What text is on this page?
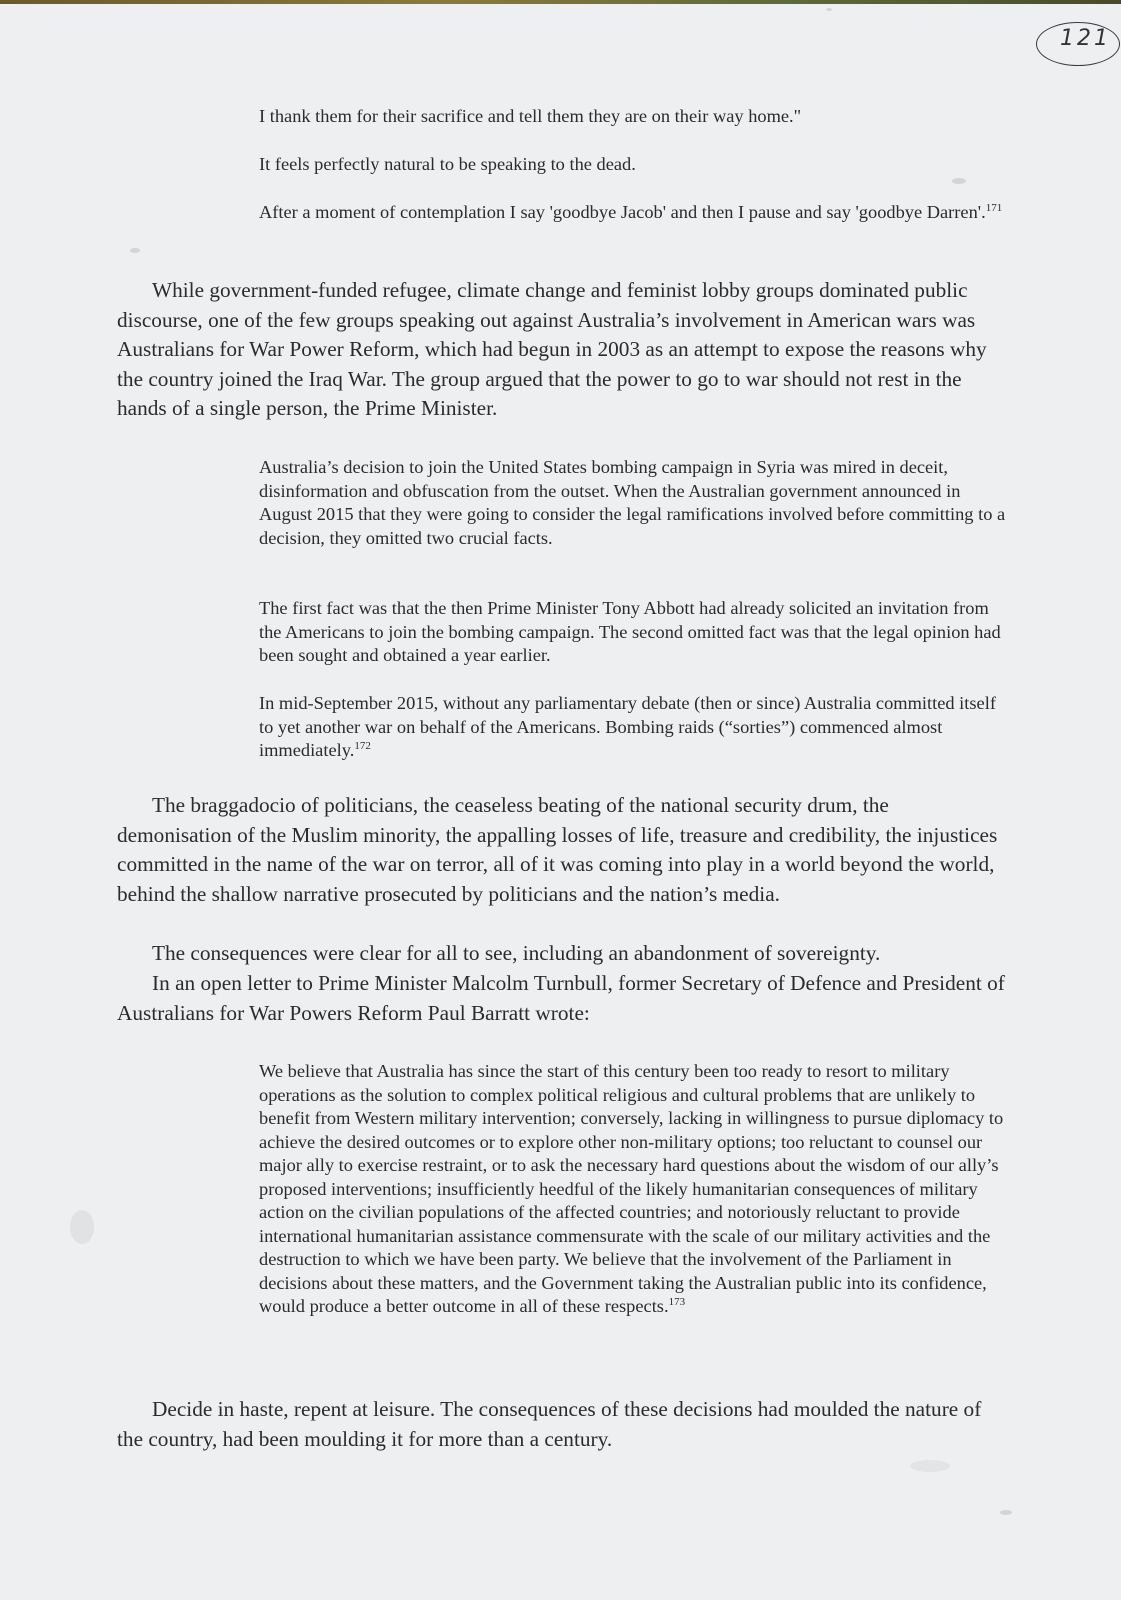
121

I thank them for their sacrifice and tell them they are on their way home."

It feels perfectly natural to be speaking to the dead.

After a moment of contemplation I say 'goodbye Jacob' and then I pause and say 'goodbye Darren'.$^{171}$

While government-funded refugee, climate change and feminist lobby groups dominated public discourse, one of the few groups speaking out against Australia’s involvement in American wars was Australians for War Power Reform, which had begun in 2003 as an attempt to expose the reasons why the country joined the Iraq War. The group argued that the power to go to war should not rest in the hands of a single person, the Prime Minister.

Australia’s decision to join the United States bombing campaign in Syria was mired in deceit, disinformation and obfuscation from the outset. When the Australian government announced in August 2015 that they were going to consider the legal ramifications involved before committing to a decision, they omitted two crucial facts.

The first fact was that the then Prime Minister Tony Abbott had already solicited an invitation from the Americans to join the bombing campaign. The second omitted fact was that the legal opinion had been sought and obtained a year earlier.

In mid-September 2015, without any parliamentary debate (then or since) Australia committed itself to yet another war on behalf of the Americans. Bombing raids (“sorties”) commenced almost immediately.$^{172}$

The braggadocio of politicians, the ceaseless beating of the national security drum, the demonisation of the Muslim minority, the appalling losses of life, treasure and credibility, the injustices committed in the name of the war on terror, all of it was coming into play in a world beyond the world, behind the shallow narrative prosecuted by politicians and the nation’s media.

The consequences were clear for all to see, including an abandonment of sovereignty.

In an open letter to Prime Minister Malcolm Turnbull, former Secretary of Defence and President of Australians for War Powers Reform Paul Barratt wrote:

We believe that Australia has since the start of this century been too ready to resort to military operations as the solution to complex political religious and cultural problems that are unlikely to benefit from Western military intervention; conversely, lacking in willingness to pursue diplomacy to achieve the desired outcomes or to explore other non-military options; too reluctant to counsel our major ally to exercise restraint, or to ask the necessary hard questions about the wisdom of our ally’s proposed interventions; insufficiently heedful of the likely humanitarian consequences of military action on the civilian populations of the affected countries; and notoriously reluctant to provide international humanitarian assistance commensurate with the scale of our military activities and the destruction to which we have been party. We believe that the involvement of the Parliament in decisions about these matters, and the Government taking the Australian public into its confidence, would produce a better outcome in all of these respects.$^{173}$

Decide in haste, repent at leisure. The consequences of these decisions had moulded the nature of the country, had been moulding it for more than a century.
